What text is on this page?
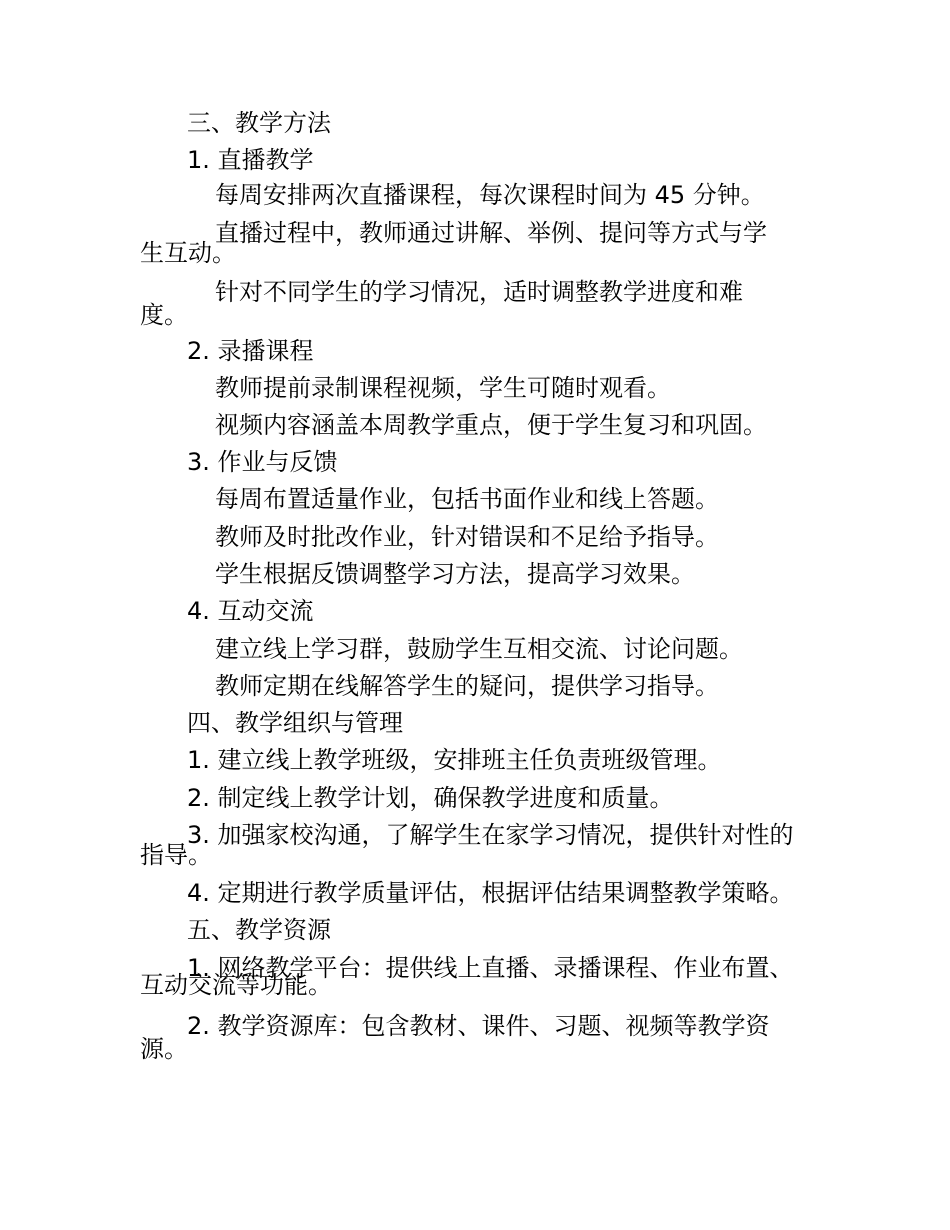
三、教学方法

1. 直播教学

每周安排两次直播课程，每次课程时间为 45 分钟。

直播过程中，教师通过讲解、举例、提问等方式与学
生互动。
针对不同学生的学习情况，适时调整教学进度和难
度。

2. 录播课程

教师提前录制课程视频，学生可随时观看。

视频内容涵盖本周教学重点，便于学生复习和巩固。

3. 作业与反馈

每周布置适量作业，包括书面作业和线上答题。

教师及时批改作业，针对错误和不足给予指导。

学生根据反馈调整学习方法，提高学习效果。

4. 互动交流

建立线上学习群，鼓励学生互相交流、讨论问题。

教师定期在线解答学生的疑问，提供学习指导。

四、教学组织与管理

1. 建立线上教学班级，安排班主任负责班级管理。

2. 制定线上教学计划，确保教学进度和质量。

3. 加强家校沟通，了解学生在家学习情况，提供针对性的
指导。

4. 定期进行教学质量评估，根据评估结果调整教学策略。

五、教学资源

1. 网络教学平台：提供线上直播、录播课程、作业布置、
互动交流等功能。
2. 教学资源库：包含教材、课件、习题、视频等教学资
源。
